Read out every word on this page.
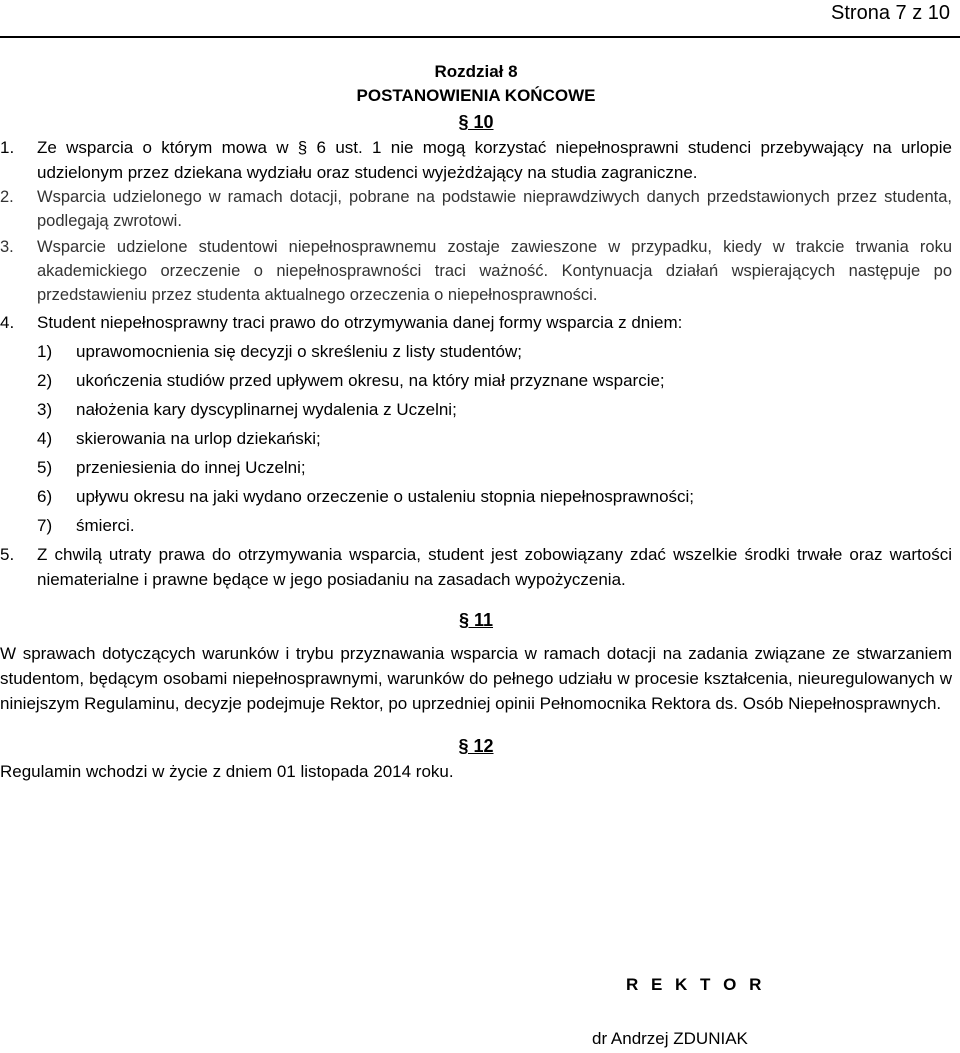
Strona 7 z 10
Rozdział 8
POSTANOWIENIA KOŃCOWE
§ 10
1. Ze wsparcia o którym mowa w § 6 ust. 1 nie mogą korzystać niepełnosprawni studenci przebywający na urlopie udzielonym przez dziekana wydziału oraz studenci wyjeżdżający na studia zagraniczne.
2. Wsparcia udzielonego w ramach dotacji, pobrane na podstawie nieprawdziwych danych przedstawionych przez studenta, podlegają zwrotowi.
3. Wsparcie udzielone studentowi niepełnosprawnemu zostaje zawieszone w przypadku, kiedy w trakcie trwania roku akademickiego orzeczenie o niepełnosprawności traci ważność. Kontynuacja działań wspierających następuje po przedstawieniu przez studenta aktualnego orzeczenia o niepełnosprawności.
4. Student niepełnosprawny traci prawo do otrzymywania danej formy wsparcia z dniem:
1) uprawomocnienia się decyzji o skreśleniu z listy studentów;
2) ukończenia studiów przed upływem okresu, na który miał przyznane wsparcie;
3) nałożenia kary dyscyplinarnej wydalenia z Uczelni;
4) skierowania na urlop dziekański;
5) przeniesienia do innej Uczelni;
6) upływu okresu na jaki wydano orzeczenie o ustaleniu stopnia niepełnosprawności;
7) śmierci.
5. Z chwilą utraty prawa do otrzymywania wsparcia, student jest zobowiązany zdać wszelkie środki trwałe oraz wartości niematerialne i prawne będące w jego posiadaniu na zasadach wypożyczenia.
§ 11
W sprawach dotyczących warunków i trybu przyznawania wsparcia w ramach dotacji na zadania związane ze stwarzaniem studentom, będącym osobami niepełnosprawnymi, warunków do pełnego udziału w procesie kształcenia, nieuregulowanych w niniejszym Regulaminu, decyzje podejmuje Rektor, po uprzedniej opinii Pełnomocnika Rektora ds. Osób Niepełnosprawnych.
§ 12
Regulamin wchodzi w życie z dniem 01 listopada 2014 roku.
R E K T O R
dr Andrzej ZDUNIAK
